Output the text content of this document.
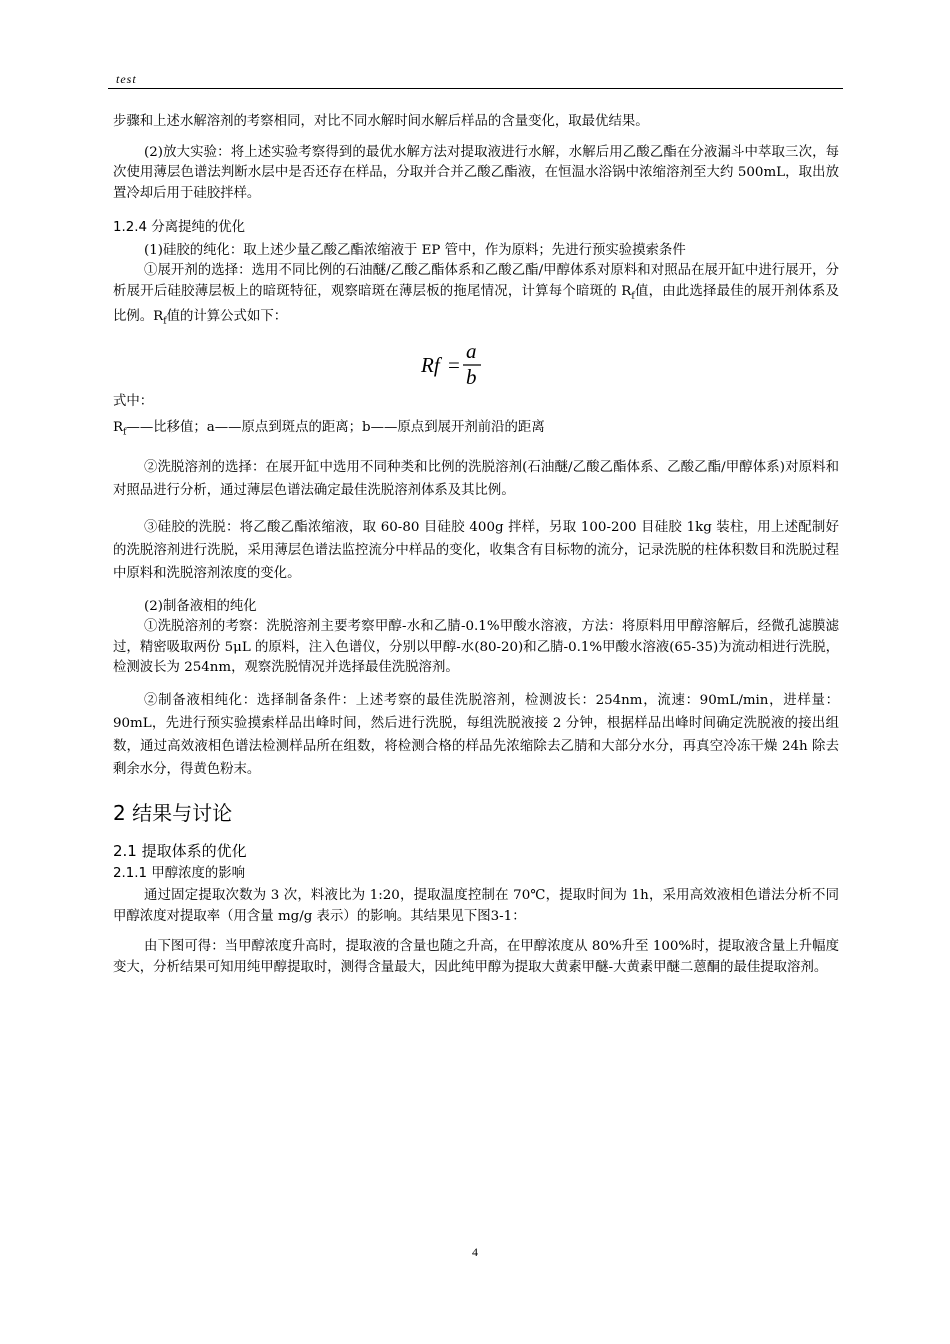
test

步骤和上述水解溶剂的考察相同，对比不同水解时间水解后样品的含量变化，取最优结果。

(2)放大实验：将上述实验考察得到的最优水解方法对提取液进行水解，水解后用乙酸乙酯在分液漏斗中萃取三次，每次使用薄层色谱法判断水层中是否还存在样品，分取并合并乙酸乙酯液，在恒温水浴锅中浓缩溶剂至大约 500mL，取出放置冷却后用于硅胶拌样。

1.2.4 分离提纯的优化

(1)硅胶的纯化：取上述少量乙酸乙酯浓缩液于 EP 管中，作为原料；先进行预实验摸索条件

①展开剂的选择：选用不同比例的石油醚/乙酸乙酯体系和乙酸乙酯/甲醇体系对原料和对照品在展开缸中进行展开，分析展开后硅胶薄层板上的暗斑特征，观察暗斑在薄层板的拖尾情况，计算每个暗斑的 $R_f$值，由此选择最佳的展开剂体系及比例。$R_f$值的计算公式如下：

Rf =
a
b

式中：

$R_f——$比移值；a——原点到斑点的距离；b——原点到展开剂前沿的距离

②洗脱溶剂的选择：在展开缸中选用不同种类和比例的洗脱溶剂(石油醚/乙酸乙酯体系、乙酸乙酯/甲醇体系)对原料和对照品进行分析，通过薄层色谱法确定最佳洗脱溶剂体系及其比例。

③硅胶的洗脱：将乙酸乙酯浓缩液，取 60-80 目硅胶 400g 拌样，另取 100-200 目硅胶 1kg 装柱，用上述配制好的洗脱溶剂进行洗脱，采用薄层色谱法监控流分中样品的变化，收集含有目标物的流分，记录洗脱的柱体积数目和洗脱过程中原料和洗脱溶剂浓度的变化。

(2)制备液相的纯化

①洗脱溶剂的考察：洗脱溶剂主要考察甲醇-水和乙腈-0.1%甲酸水溶液，方法：将原料用甲醇溶解后，经微孔滤膜滤过，精密吸取两份 5μL 的原料，注入色谱仪，分别以甲醇-水(80-20)和乙腈-0.1%甲酸水溶液(65-35)为流动相进行洗脱，检测波长为 254nm，观察洗脱情况并选择最佳洗脱溶剂。

②制备液相纯化：选择制备条件：上述考察的最佳洗脱溶剂，检测波长：254nm，流速：90mL/min，进样量：90mL，先进行预实验摸索样品出峰时间，然后进行洗脱，每组洗脱液接 2 分钟，根据样品出峰时间确定洗脱液的接出组数，通过高效液相色谱法检测样品所在组数，将检测合格的样品先浓缩除去乙腈和大部分水分，再真空冷冻干燥 24h 除去剩余水分，得黄色粉末。

2 结果与讨论
2.1 提取体系的优化
2.1.1 甲醇浓度的影响

通过固定提取次数为 3 次，料液比为 1:20，提取温度控制在 70℃，提取时间为 1h，采用高效液相色谱法分析不同甲醇浓度对提取率（用含量 mg/g 表示）的影响。其结果见下图3-1：

由下图可得：当甲醇浓度升高时，提取液的含量也随之升高，在甲醇浓度从 80%升至 100%时，提取液含量上升幅度变大，分析结果可知用纯甲醇提取时，测得含量最大，因此纯甲醇为提取大黄素甲醚-大黄素甲醚二蒽酮的最佳提取溶剂。

4
